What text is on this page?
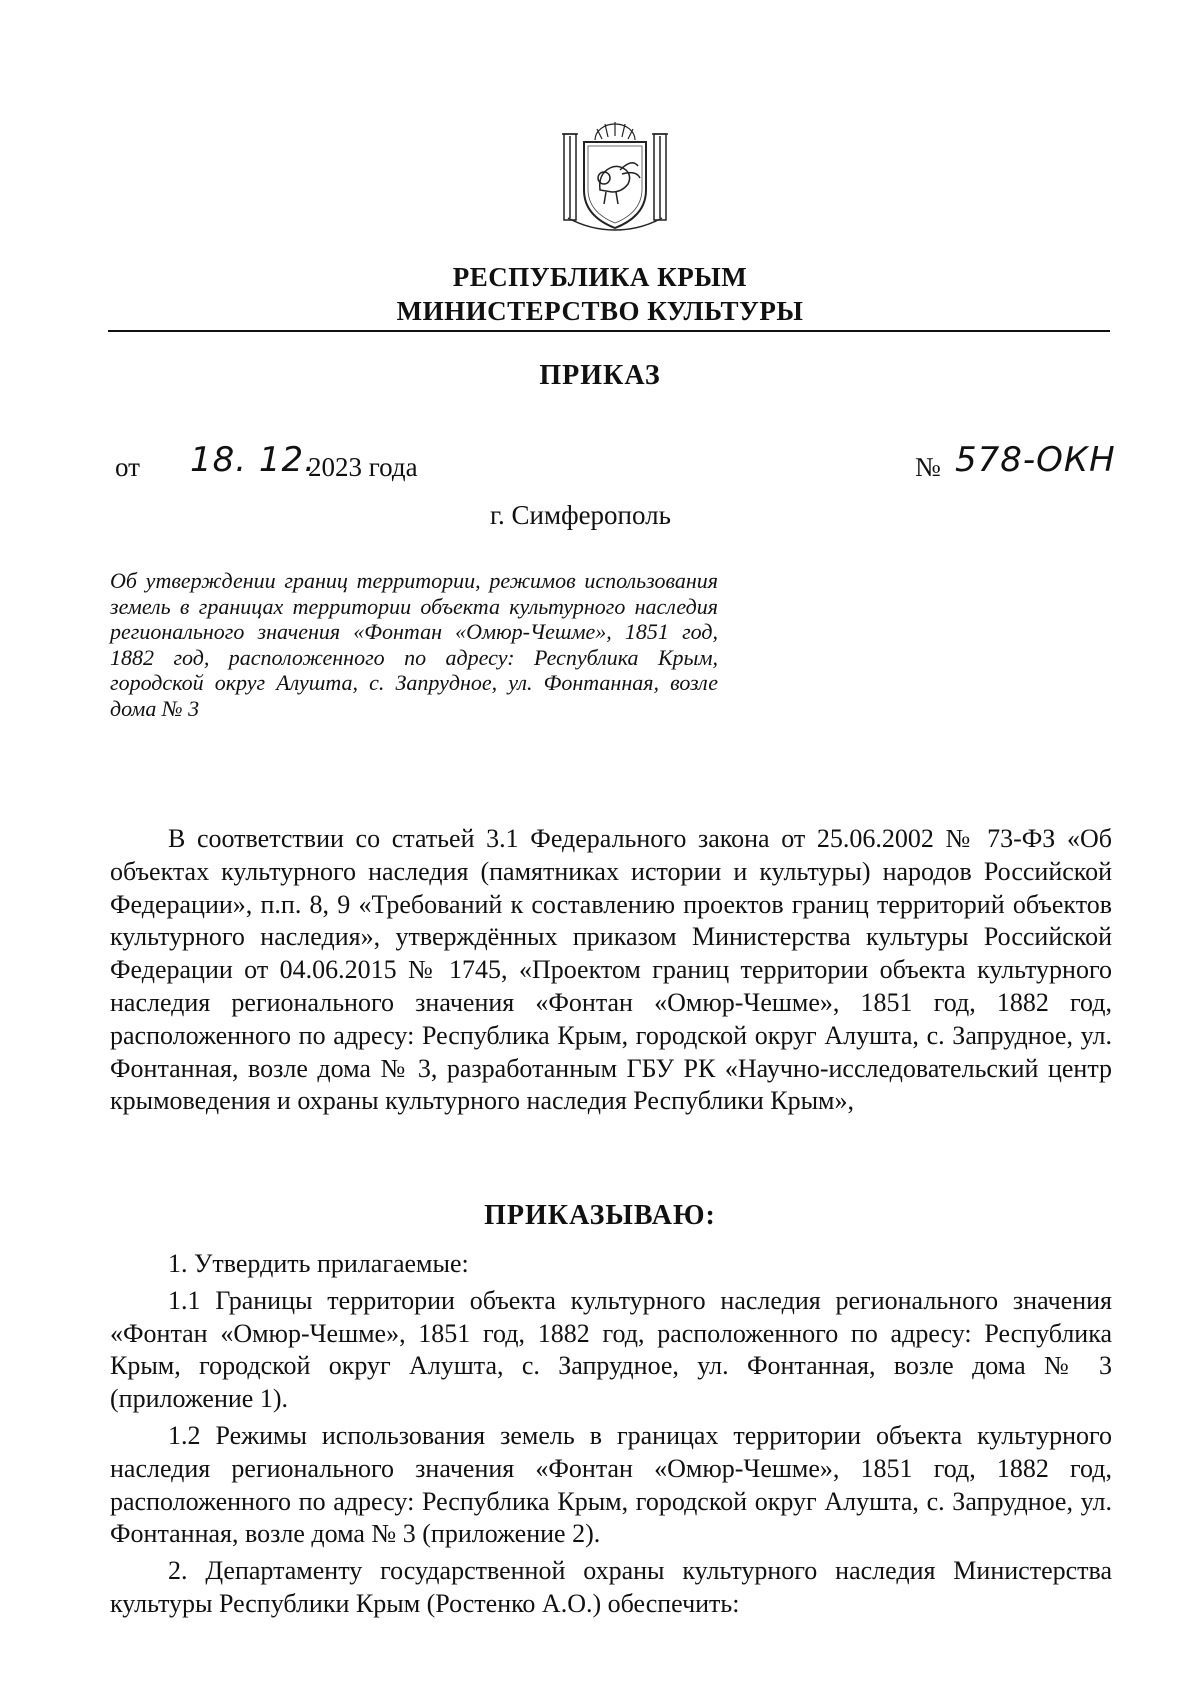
РЕСПУБЛИКА КРЫМ
МИНИСТЕРСТВО КУЛЬТУРЫ
ПРИКАЗ
от 18. 12.
2023 года	№ 578-ОКН
г. Симферополь
Об утверждении границ территории, режимов использования земель в границах территории объекта культурного наследия регионального значения «Фонтан «Омюр-Чешме», 1851 год, 1882 год, расположенного по адресу: Республика Крым, городской округ Алушта, с. Запрудное, ул. Фонтанная, возле дома № 3
В соответствии со статьей 3.1 Федерального закона от 25.06.2002 № 73-ФЗ «Об объектах культурного наследия (памятниках истории и культуры) народов Российской Федерации», п.п. 8, 9 «Требований к составлению проектов границ территорий объектов культурного наследия», утверждённых приказом Министерства культуры Российской Федерации от 04.06.2015 № 1745, «Проектом границ территории объекта культурного наследия регионального значения «Фонтан «Омюр-Чешме», 1851 год, 1882 год, расположенного по адресу: Республика Крым, городской округ Алушта, с. Запрудное, ул. Фонтанная, возле дома № 3, разработанным ГБУ РК «Научно-исследовательский центр крымоведения и охраны культурного наследия Республики Крым»,
ПРИКАЗЫВАЮ:

1. Утвердить прилагаемые:

1.1 Границы территории объекта культурного наследия регионального значения «Фонтан «Омюр-Чешме», 1851 год, 1882 год, расположенного по адресу: Республика Крым, городской округ Алушта, с. Запрудное, ул. Фонтанная, возле дома № 3 (приложение 1).

1.2 Режимы использования земель в границах территории объекта культурного наследия регионального значения «Фонтан «Омюр-Чешме», 1851 год, 1882 год, расположенного по адресу: Республика Крым, городской округ Алушта, с. Запрудное, ул. Фонтанная, возле дома № 3 (приложение 2).

2. Департаменту государственной охраны культурного наследия Министерства культуры Республики Крым (Ростенко А.О.) обеспечить:
